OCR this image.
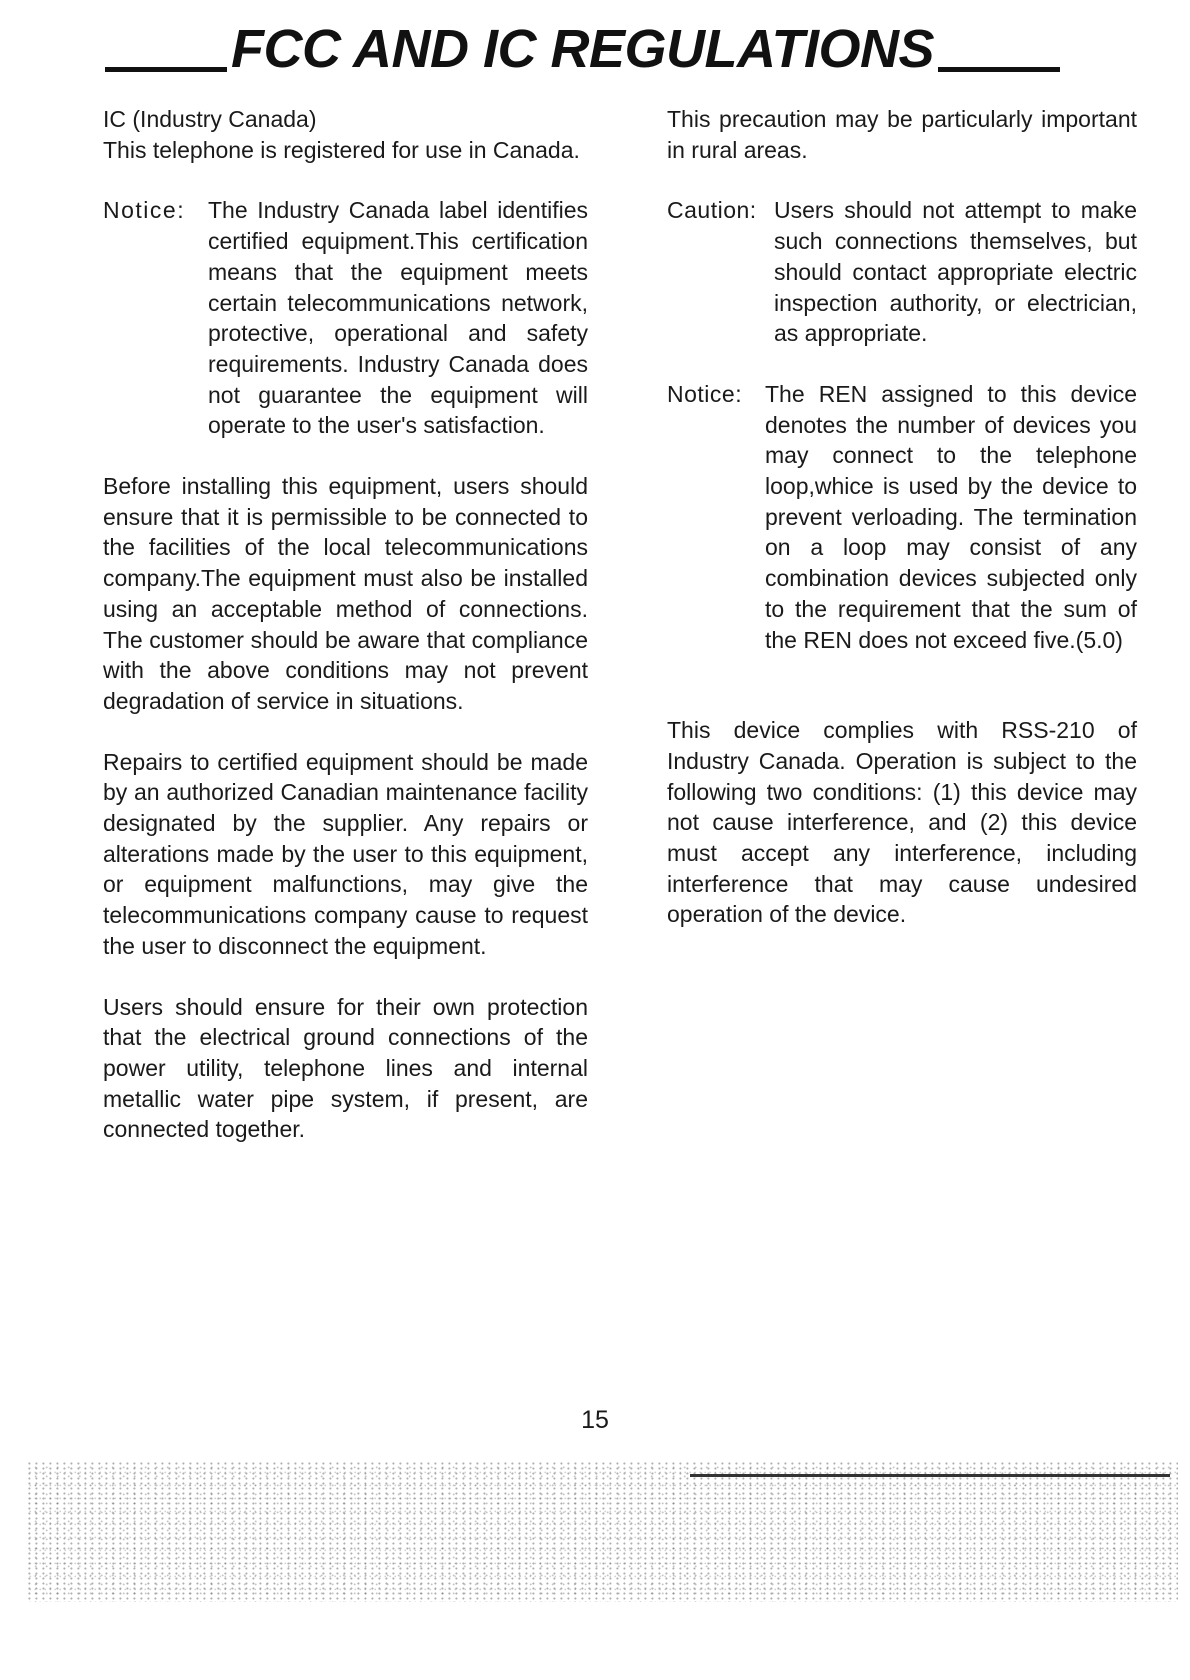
FCC AND IC REGULATIONS

IC (Industry Canada)

This telephone is registered for use in Canada.

Notice: The Industry Canada label identifies certified equipment.This certification means that the equipment meets certain telecommunications network, protective, operational and safety requirements. Industry Canada does not guarantee the equipment will operate to the user's satisfaction.

Before installing this equipment, users should ensure that it is permissible to be connected to the facilities of the local telecommunications company.The equipment must also be installed using an acceptable method of connections. The customer should be aware that compliance with the above conditions may not prevent degradation of service in situations.

Repairs to certified equipment should be made by an authorized Canadian maintenance facility designated by the supplier. Any repairs or alterations made by the user to this equipment, or equipment malfunctions, may give the telecommunications company cause to request the user to disconnect the equipment.

Users should ensure for their own protection that the electrical ground connections of the power utility, telephone lines and internal metallic water pipe system, if present, are connected together.

This precaution may be particularly important in rural areas.

Caution: Users should not attempt to make such connections themselves, but should contact appropriate electric inspection authority, or electrician, as appropriate.
Notice: The REN assigned to this device denotes the number of devices you may connect to the telephone loop,whice is used by the device to prevent verloading. The termination on a loop may consist of any combination devices subjected only to the requirement that the sum of the REN does not exceed five.(5.0)

This device complies with RSS-210 of Industry Canada. Operation is subject to the following two conditions: (1) this device may not cause interference, and (2) this device must accept any interference, including interference that may cause undesired operation of the device.

15
